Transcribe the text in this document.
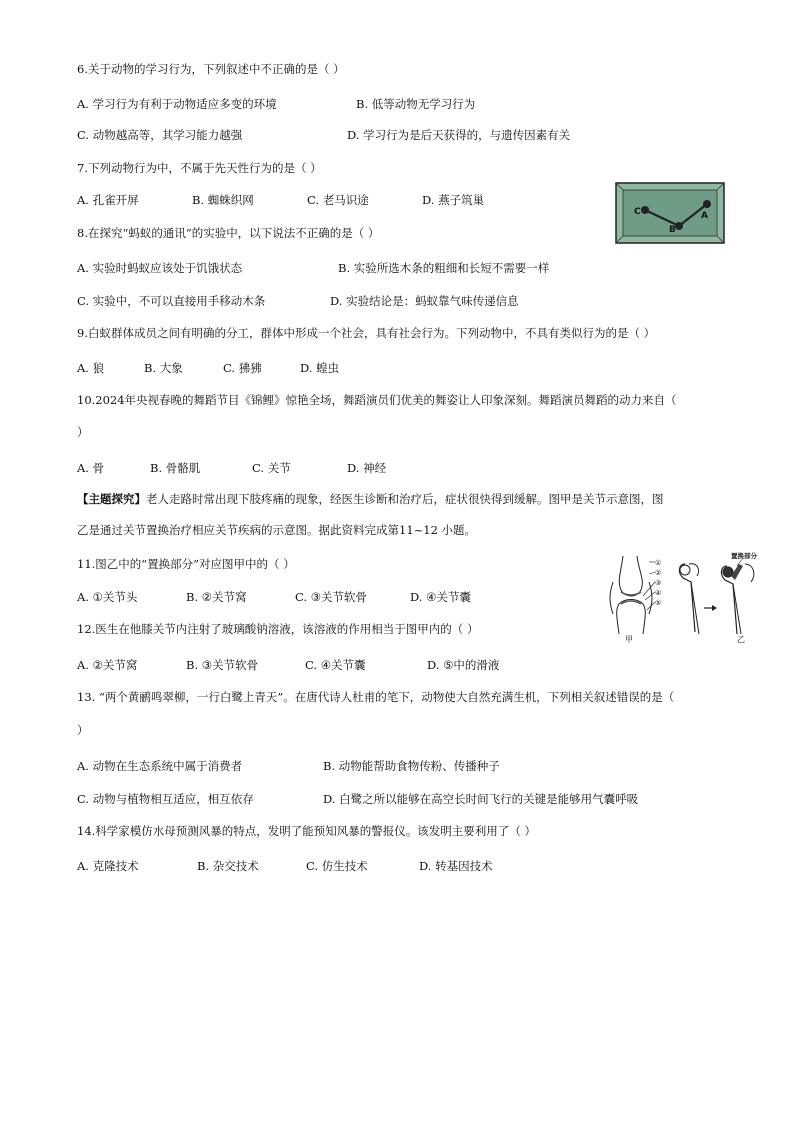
6.关于动物的学习行为，下列叙述中不正确的是（ ）
A. 学习行为有利于动物适应多变的环境	B. 低等动物无学习行为
C. 动物越高等，其学习能力越强	D. 学习行为是后天获得的，与遗传因素有关
7.下列动物行为中，不属于先天性行为的是（ ）
A. 孔雀开屏	B. 蜘蛛织网	C. 老马识途	D. 燕子筑巢
C
B
A
8.在探究“蚂蚁的通讯”的实验中，以下说法不正确的是（ ）
A. 实验时蚂蚁应该处于饥饿状态	B. 实验所选木条的粗细和长短不需要一样
C. 实验中，不可以直接用手移动木条	D. 实验结论是：蚂蚁靠气味传递信息
9.白蚁群体成员之间有明确的分工，群体中形成一个社会，具有社会行为。下列动物中，不具有类似行为的是（ ）
A. 狼	B. 大象	C. 狒狒	D. 蝗虫
10.2024年央视春晚的舞蹈节目《锦鲤》惊艳全场，舞蹈演员们优美的舞姿让人印象深刻。舞蹈演员舞蹈的动力来自（
）
A. 骨	B. 骨骼肌	C. 关节	D. 神经
【主题探究】老人走路时常出现下肢疼痛的现象，经医生诊断和治疗后，症状很快得到缓解。图甲是关节示意图，图
乙是通过关节置换治疗相应关节疾病的示意图。据此资料完成第11~12 小题。
①
②
③
④
⑤
甲
置换部分
乙
11.图乙中的“置换部分”对应图甲中的（ ）
A. ①关节头	B. ②关节窝	C. ③关节软骨	D. ④关节囊
12.医生在他膝关节内注射了玻璃酸钠溶液，该溶液的作用相当于图甲内的（ ）
A. ②关节窝	B. ③关节软骨	C. ④关节囊	D. ⑤中的滑液
13. “两个黄鹂鸣翠柳，一行白鹭上青天”。在唐代诗人杜甫的笔下，动物使大自然充满生机，下列相关叙述错误的是（
）
A. 动物在生态系统中属于消费者	B. 动物能帮助食物传粉、传播种子
C. 动物与植物相互适应，相互依存	D. 白鹭之所以能够在高空长时间飞行的关键是能够用气囊呼吸
14.科学家模仿水母预测风暴的特点，发明了能预知风暴的警报仪。该发明主要利用了（ ）
A. 克隆技术	B. 杂交技术	C. 仿生技术	D. 转基因技术
